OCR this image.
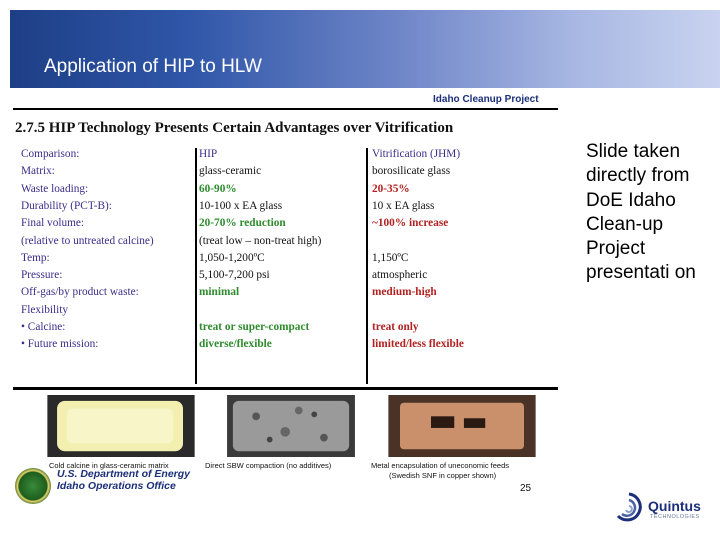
Application of HIP to HLW
Idaho Cleanup Project
2.7.5 HIP Technology Presents Certain Advantages over Vitrification
Comparison:	HIP	Vitrification (JHM)
Matrix:	glass-ceramic	borosilicate glass
Waste loading:	60-90%	20-35%
Durability (PCT-B):	10-100 x EA glass	10 x EA glass
Final volume:	20-70% reduction	~100% increase
(relative to untreated calcine)	(treat low – non-treat high)
Temp:	1,050-1,200ºC	1,150ºC
Pressure:	5,100-7,200 psi	atmospheric
Off-gas/by product waste:	minimal	medium-high
Flexibility
• Calcine:	treat or super-compact	treat only
• Future mission:	diverse/flexible	limited/less flexible
Cold calcine in glass-ceramic matrix	Direct SBW compaction (no additives)	Metal encapsulation of uneconomic feeds
(Swedish SNF in copper shown)
U.S. Department of Energy
Idaho Operations Office	25
Slide taken directly from DoE Idaho Clean-up Project presentati on
Quintus
TECHNOLOGIES
